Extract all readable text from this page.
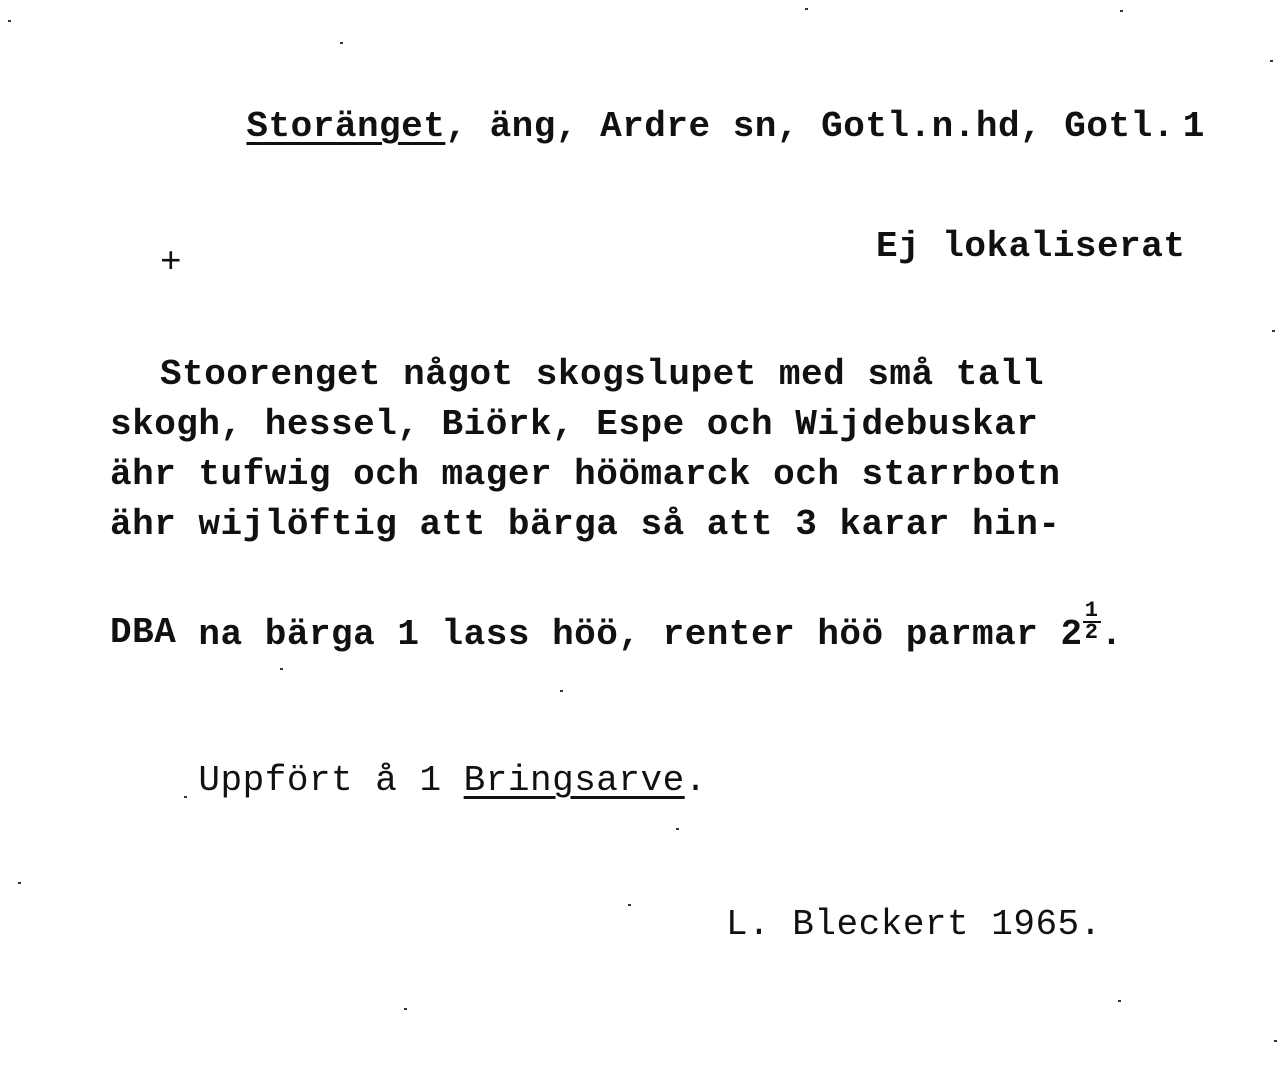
Storänget, äng, Ardre sn, Gotl.n.hd, Gotl. 1

+	Ej lokaliserat
Stoorenget något skogslupet med små tall
skogh, hessel, Biörk, Espe och Wijdebuskar
ähr tufwig och mager höömarck och starrbotn
ähr wijlöftig att bärga så att 3 karar hin-

na bärga 1 lass höö, renter höö parmar $2 \frac{1}{2}$ .

DBA

Uppfört å 1 Bringsarve.

L. Bleckert 1965.
